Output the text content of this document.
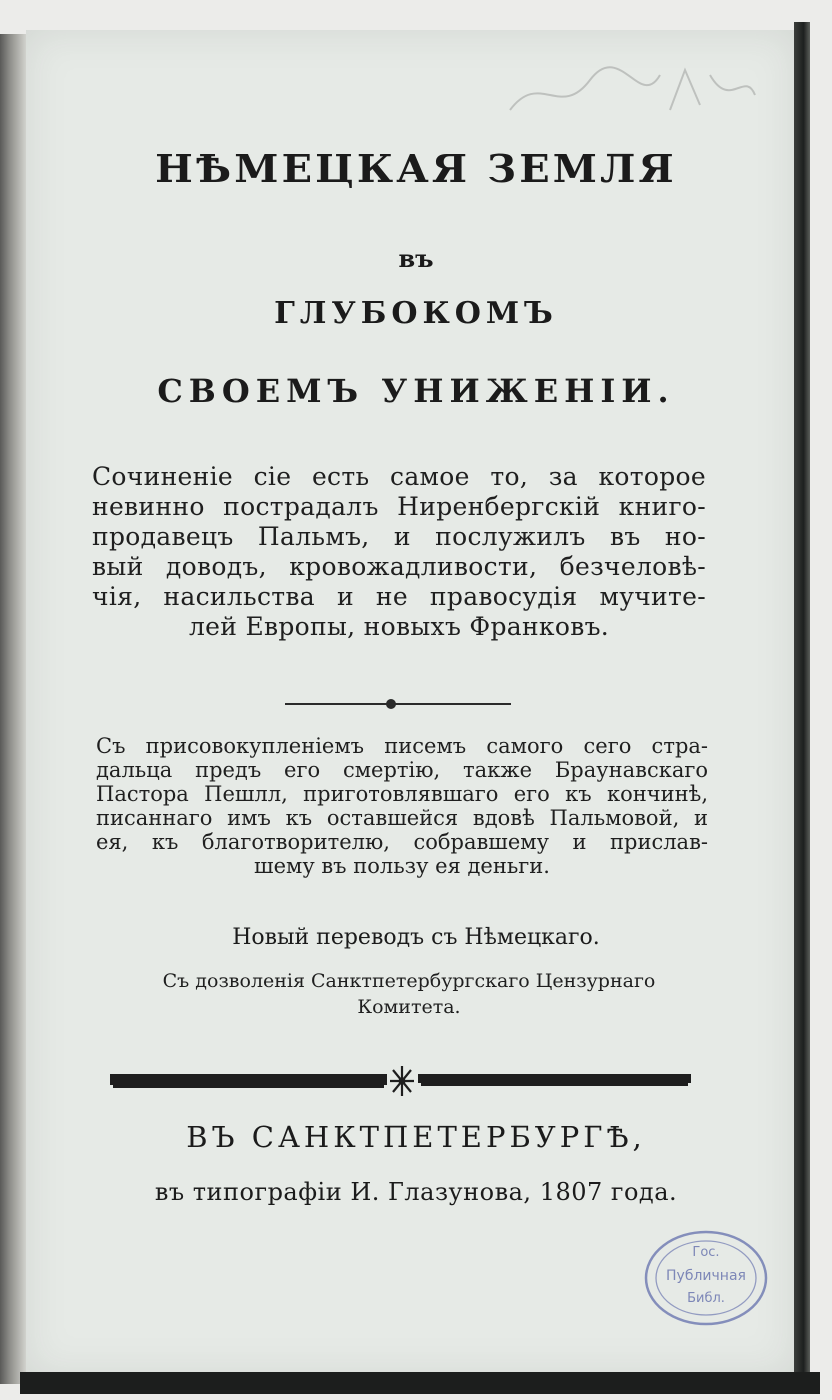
НѢМЕЦКАЯ ЗЕМЛЯ
въ
ГЛУБОКОМЪ
СВОЕМЪ УНИЖЕНIИ.
Сочиненіе сіе есть самое то, за которое
невинно пострадалъ Ниренбергскій книго-
продавецъ Пальмъ, и послужилъ въ но-
вый доводъ, кровожадливости, безчеловѣ-
чія, насильства и не правосудія мучите-
лей Европы, новыхъ Франковъ.
Съ присовокупленіемъ писемъ самого сего стра-
дальца предъ его смертію, также Браунавскаго
Пастора Пешлл, приготовлявшаго его къ кончинѣ,
писаннаго имъ къ оставшейся вдовѣ Пальмовой, и
ея, къ благотворителю, собравшему и прислав-
шему въ пользу ея деньги.
Новый переводъ съ Нѣмецкаго.
Съ дозволенія Санктпетербургскаго Цензурнаго
Комитета.
ВЪ САНКТПЕТЕРБУРГѢ,
въ типографіи И. Глазунова, 1807 года.
Гос.
Публичная
Библ.
